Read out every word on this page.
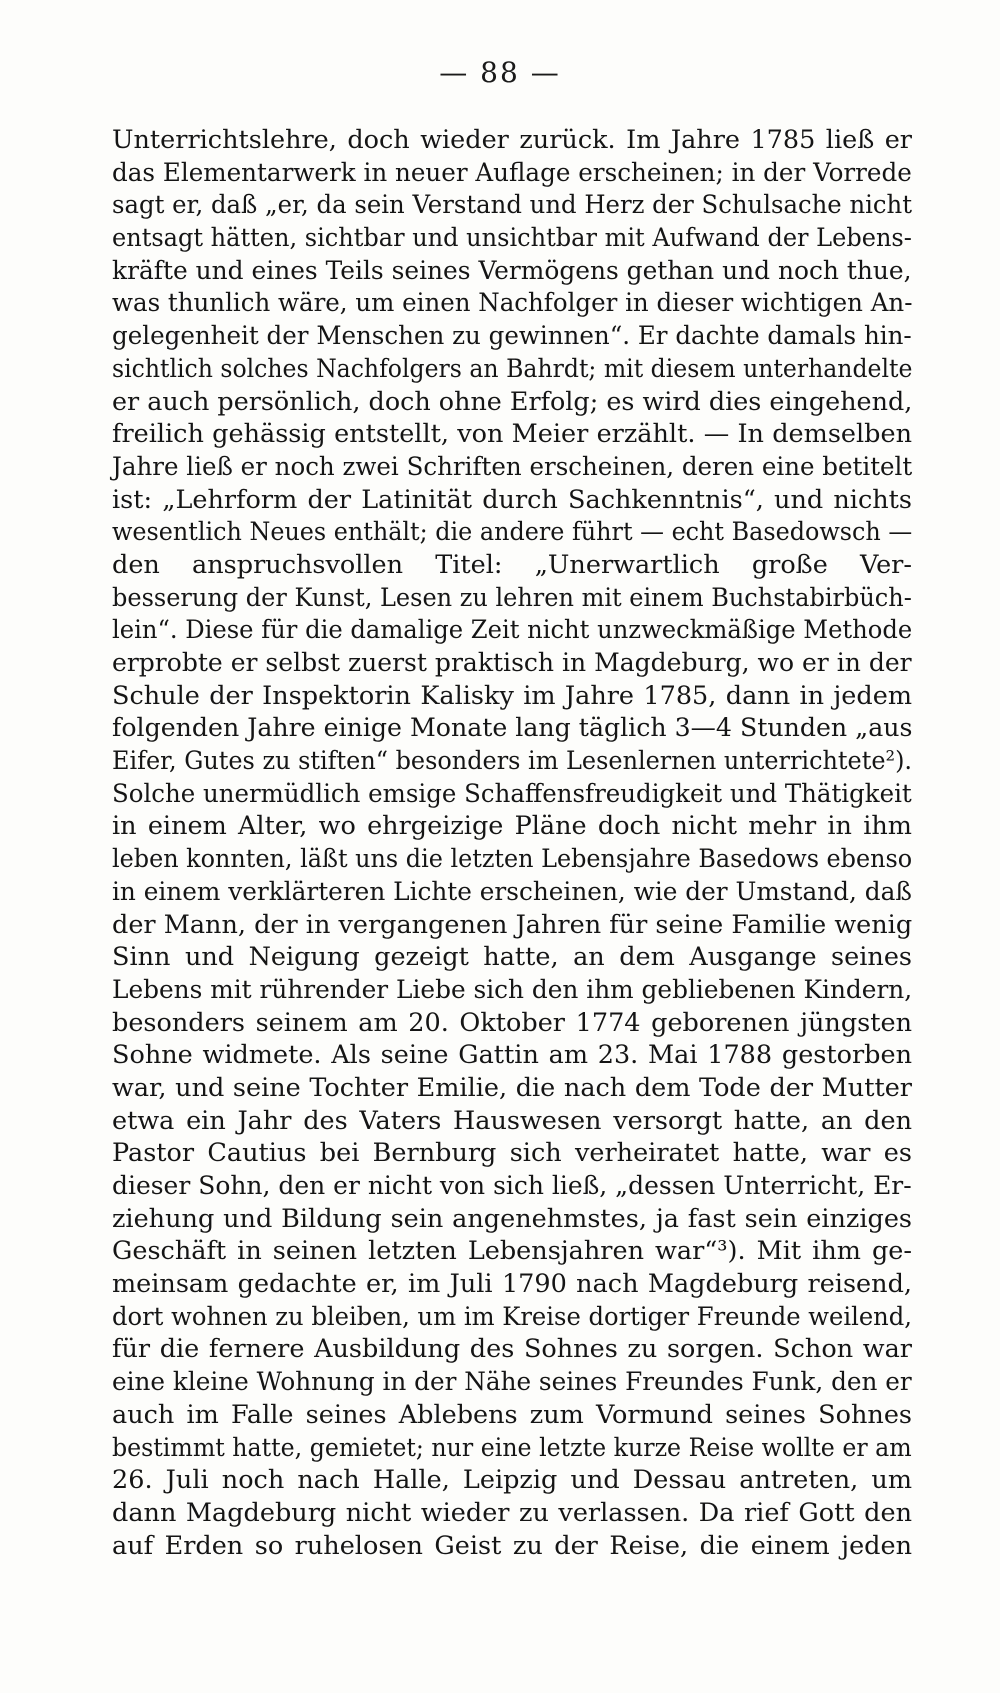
— 88 —
Unterrichtslehre, doch wieder zurück. Im Jahre 1785 ließ er
das Elementarwerk in neuer Auflage erscheinen; in der Vorrede
sagt er, daß „er, da sein Verstand und Herz der Schulsache nicht
entsagt hätten, sichtbar und unsichtbar mit Aufwand der Lebens-
kräfte und eines Teils seines Vermögens gethan und noch thue,
was thunlich wäre, um einen Nachfolger in dieser wichtigen An-
gelegenheit der Menschen zu gewinnen“. Er dachte damals hin-
sichtlich solches Nachfolgers an Bahrdt; mit diesem unterhandelte
er auch persönlich, doch ohne Erfolg; es wird dies eingehend,
freilich gehässig entstellt, von Meier erzählt. — In demselben
Jahre ließ er noch zwei Schriften erscheinen, deren eine betitelt
ist: „Lehrform der Latinität durch Sachkenntnis“, und nichts
wesentlich Neues enthält; die andere führt — echt Basedowsch —
den anspruchsvollen Titel: „Unerwartlich große Ver-
besserung der Kunst, Lesen zu lehren mit einem Buchstabirbüch-
lein“. Diese für die damalige Zeit nicht unzweckmäßige Methode
erprobte er selbst zuerst praktisch in Magdeburg, wo er in der
Schule der Inspektorin Kalisky im Jahre 1785, dann in jedem
folgenden Jahre einige Monate lang täglich 3—4 Stunden „aus
Eifer, Gutes zu stiften“ besonders im Lesenlernen unterrichtete²).
Solche unermüdlich emsige Schaffensfreudigkeit und Thätigkeit
in einem Alter, wo ehrgeizige Pläne doch nicht mehr in ihm
leben konnten, läßt uns die letzten Lebensjahre Basedows ebenso
in einem verklärteren Lichte erscheinen, wie der Umstand, daß
der Mann, der in vergangenen Jahren für seine Familie wenig
Sinn und Neigung gezeigt hatte, an dem Ausgange seines
Lebens mit rührender Liebe sich den ihm gebliebenen Kindern,
besonders seinem am 20. Oktober 1774 geborenen jüngsten
Sohne widmete. Als seine Gattin am 23. Mai 1788 gestorben
war, und seine Tochter Emilie, die nach dem Tode der Mutter
etwa ein Jahr des Vaters Hauswesen versorgt hatte, an den
Pastor Cautius bei Bernburg sich verheiratet hatte, war es
dieser Sohn, den er nicht von sich ließ, „dessen Unterricht, Er-
ziehung und Bildung sein angenehmstes, ja fast sein einziges
Geschäft in seinen letzten Lebensjahren war“³). Mit ihm ge-
meinsam gedachte er, im Juli 1790 nach Magdeburg reisend,
dort wohnen zu bleiben, um im Kreise dortiger Freunde weilend,
für die fernere Ausbildung des Sohnes zu sorgen. Schon war
eine kleine Wohnung in der Nähe seines Freundes Funk, den er
auch im Falle seines Ablebens zum Vormund seines Sohnes
bestimmt hatte, gemietet; nur eine letzte kurze Reise wollte er am
26. Juli noch nach Halle, Leipzig und Dessau antreten, um
dann Magdeburg nicht wieder zu verlassen. Da rief Gott den
auf Erden so ruhelosen Geist zu der Reise, die einem jeden
